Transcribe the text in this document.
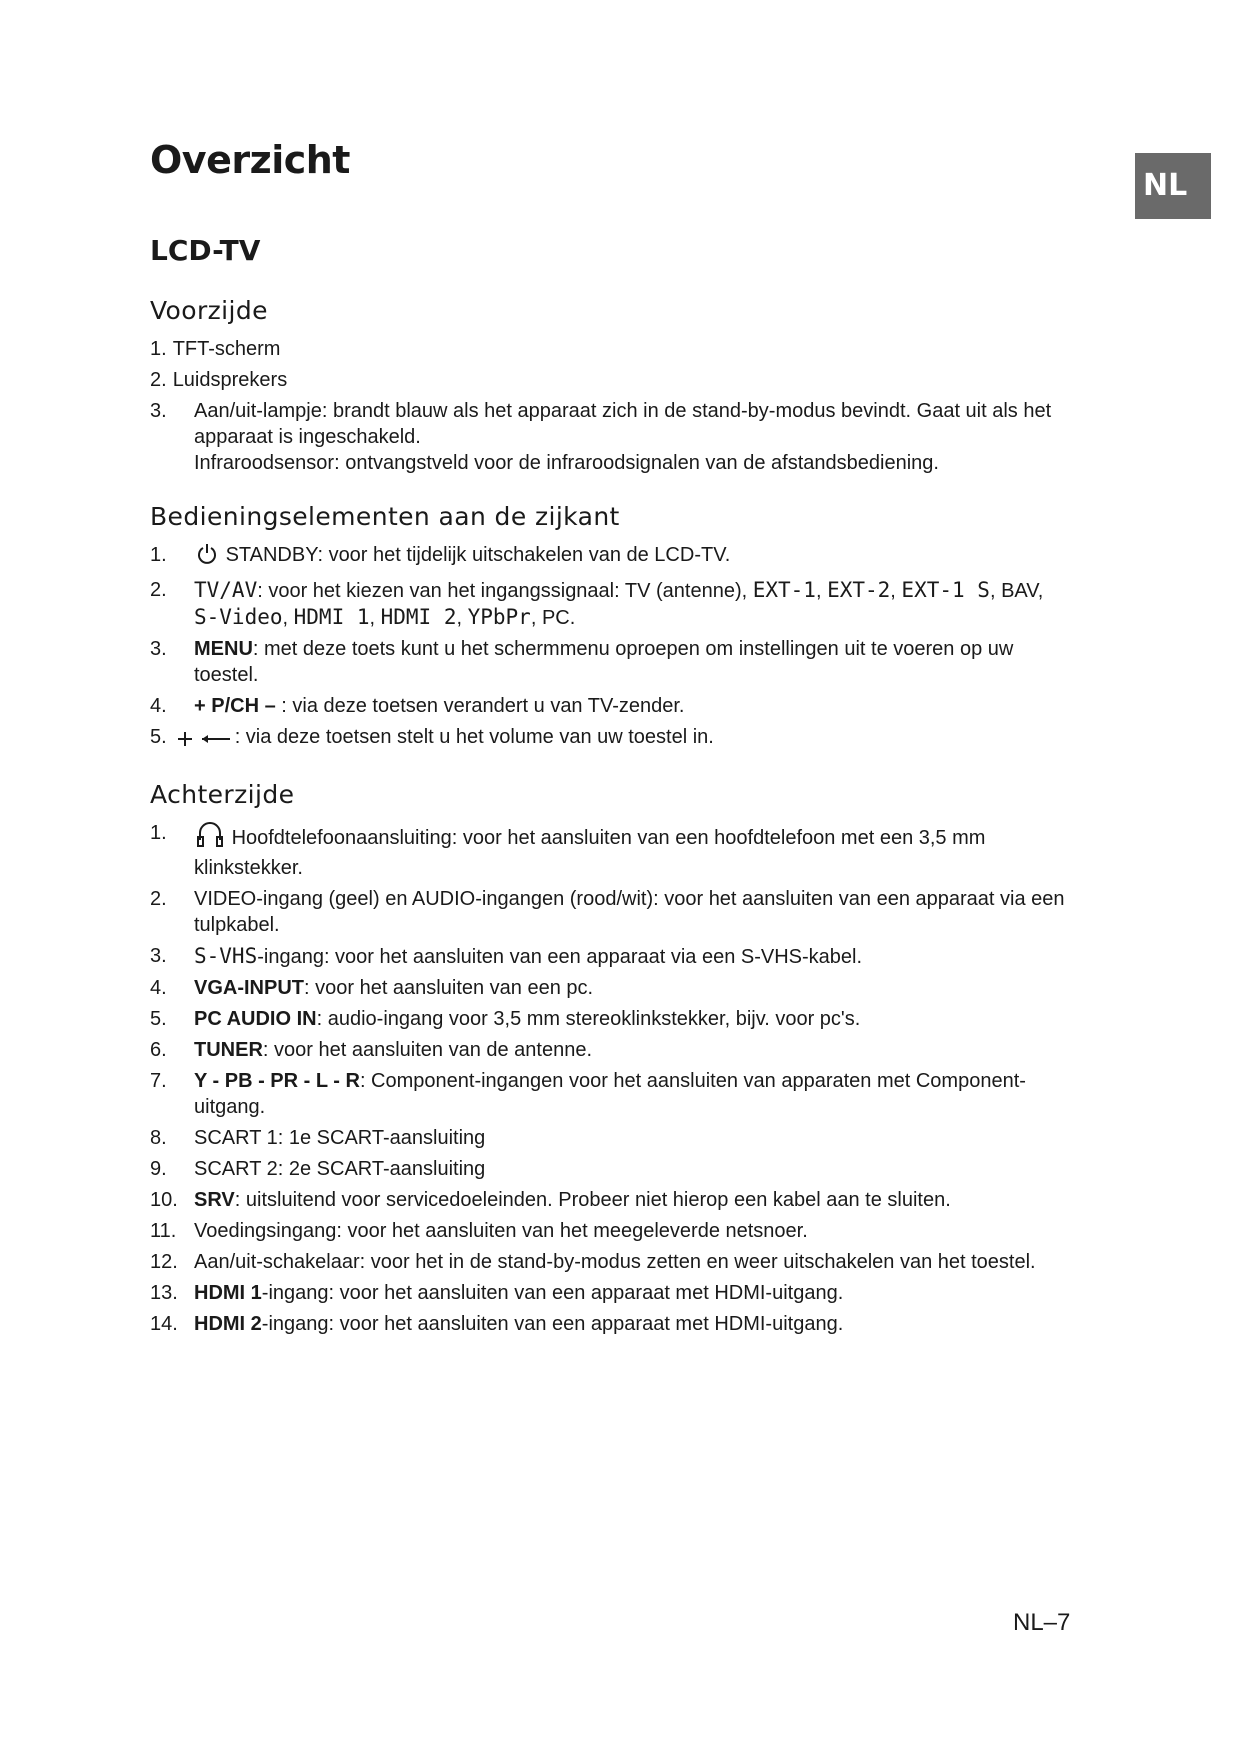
Overzicht
NL
LCD-TV
Voorzijde
1. TFT-scherm
2. Luidsprekers
3.	Aan/uit-lampje: brandt blauw als het apparaat zich in de stand-by-modus bevindt. Gaat uit als het apparaat is ingeschakeld.
Infraroodsensor: ontvangstveld voor de infraroodsignalen van de afstandsbediening.
Bedieningselementen aan de zijkant
1.	STANDBY: voor het tijdelijk uitschakelen van de LCD-TV.
2.	TV/AV: voor het kiezen van het ingangssignaal: TV (antenne), EXT-1, EXT-2, EXT-1 S, BAV, S-Video, HDMI 1, HDMI 2, YPbPr, PC.
3.	MENU: met deze toets kunt u het schermmenu oproepen om instellingen uit te voeren op uw toestel.
4.	+ P/CH – : via deze toetsen verandert u van TV-zender.
5.	: via deze toetsen stelt u het volume van uw toestel in.
Achterzijde
1.	Hoofdtelefoonaansluiting: voor het aansluiten van een hoofdtelefoon met een 3,5 mm klinkstekker.
2.	VIDEO-ingang (geel) en AUDIO-ingangen (rood/wit): voor het aansluiten van een apparaat via een tulpkabel.
3.	S-VHS-ingang: voor het aansluiten van een apparaat via een S-VHS-kabel.
4.	VGA-INPUT: voor het aansluiten van een pc.
5.	PC AUDIO IN: audio-ingang voor 3,5 mm stereoklinkstekker, bijv. voor pc's.
6.	TUNER: voor het aansluiten van de antenne.
7.	Y - PB - PR - L - R: Component-ingangen voor het aansluiten van apparaten met Component-uitgang.
8.	SCART 1: 1e SCART-aansluiting
9.	SCART 2: 2e SCART-aansluiting
10. SRV: uitsluitend voor servicedoeleinden. Probeer niet hierop een kabel aan te sluiten.
11. Voedingsingang: voor het aansluiten van het meegeleverde netsnoer.
12. Aan/uit-schakelaar: voor het in de stand-by-modus zetten en weer uitschakelen van het toestel.
13. HDMI 1-ingang: voor het aansluiten van een apparaat met HDMI-uitgang.
14. HDMI 2-ingang: voor het aansluiten van een apparaat met HDMI-uitgang.
NL–7
